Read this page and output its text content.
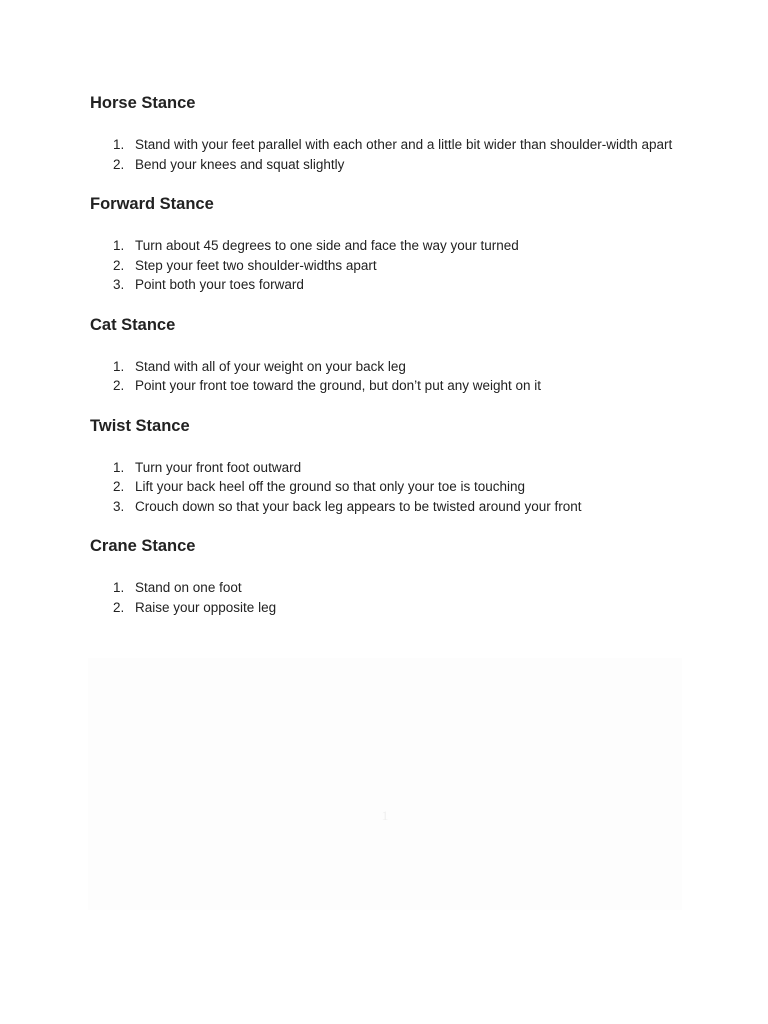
Horse Stance
1. Stand with your feet parallel with each other and a little bit wider than shoulder-width apart
2. Bend your knees and squat slightly
Forward Stance
1. Turn about 45 degrees to one side and face the way your turned
2. Step your feet two shoulder-widths apart
3. Point both your toes forward
Cat Stance
1. Stand with all of your weight on your back leg
2. Point your front toe toward the ground, but don’t put any weight on it
Twist Stance
1. Turn your front foot outward
2. Lift your back heel off the ground so that only your toe is touching
3. Crouch down so that your back leg appears to be twisted around your front
Crane Stance
1. Stand on one foot
2. Raise your opposite leg
1
